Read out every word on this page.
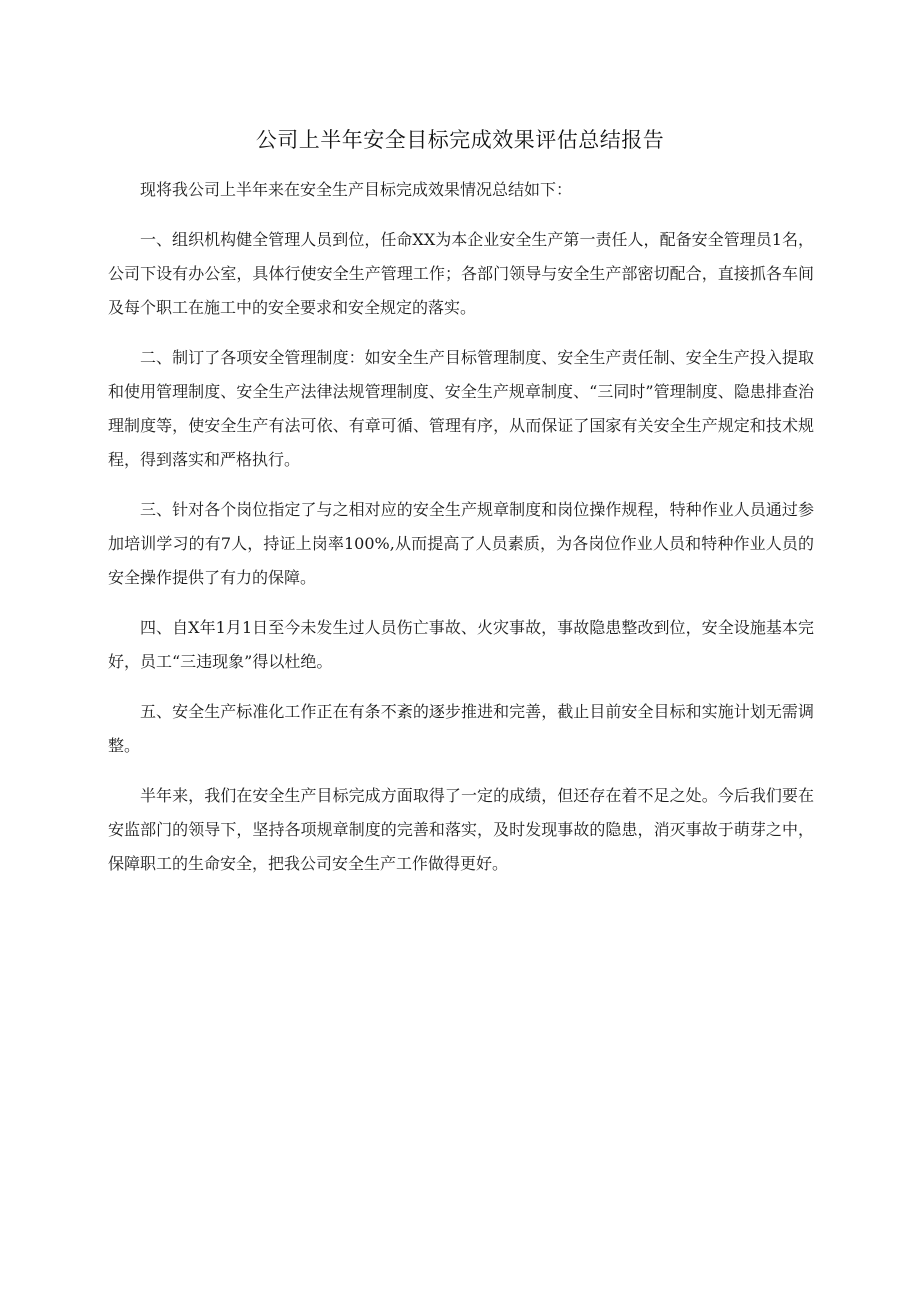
公司上半年安全目标完成效果评估总结报告

现将我公司上半年来在安全生产目标完成效果情况总结如下：

一、组织机构健全管理人员到位，任命XX为本企业安全生产第一责任人，配备安全管理员1名，公司下设有办公室，具体行使安全生产管理工作；各部门领导与安全生产部密切配合，直接抓各车间及每个职工在施工中的安全要求和安全规定的落实。

二、制订了各项安全管理制度：如安全生产目标管理制度、安全生产责任制、安全生产投入提取和使用管理制度、安全生产法律法规管理制度、安全生产规章制度、“三同时”管理制度、隐患排查治理制度等，使安全生产有法可依、有章可循、管理有序，从而保证了国家有关安全生产规定和技术规程，得到落实和严格执行。

三、针对各个岗位指定了与之相对应的安全生产规章制度和岗位操作规程，特种作业人员通过参加培训学习的有7人，持证上岗率100%,从而提高了人员素质，为各岗位作业人员和特种作业人员的安全操作提供了有力的保障。

四、自X年1月1日至今未发生过人员伤亡事故、火灾事故，事故隐患整改到位，安全设施基本完好，员工“三违现象”得以杜绝。

五、安全生产标准化工作正在有条不紊的逐步推进和完善，截止目前安全目标和实施计划无需调整。

半年来，我们在安全生产目标完成方面取得了一定的成绩，但还存在着不足之处。今后我们要在安监部门的领导下，坚持各项规章制度的完善和落实，及时发现事故的隐患，消灭事故于萌芽之中，保障职工的生命安全，把我公司安全生产工作做得更好。
